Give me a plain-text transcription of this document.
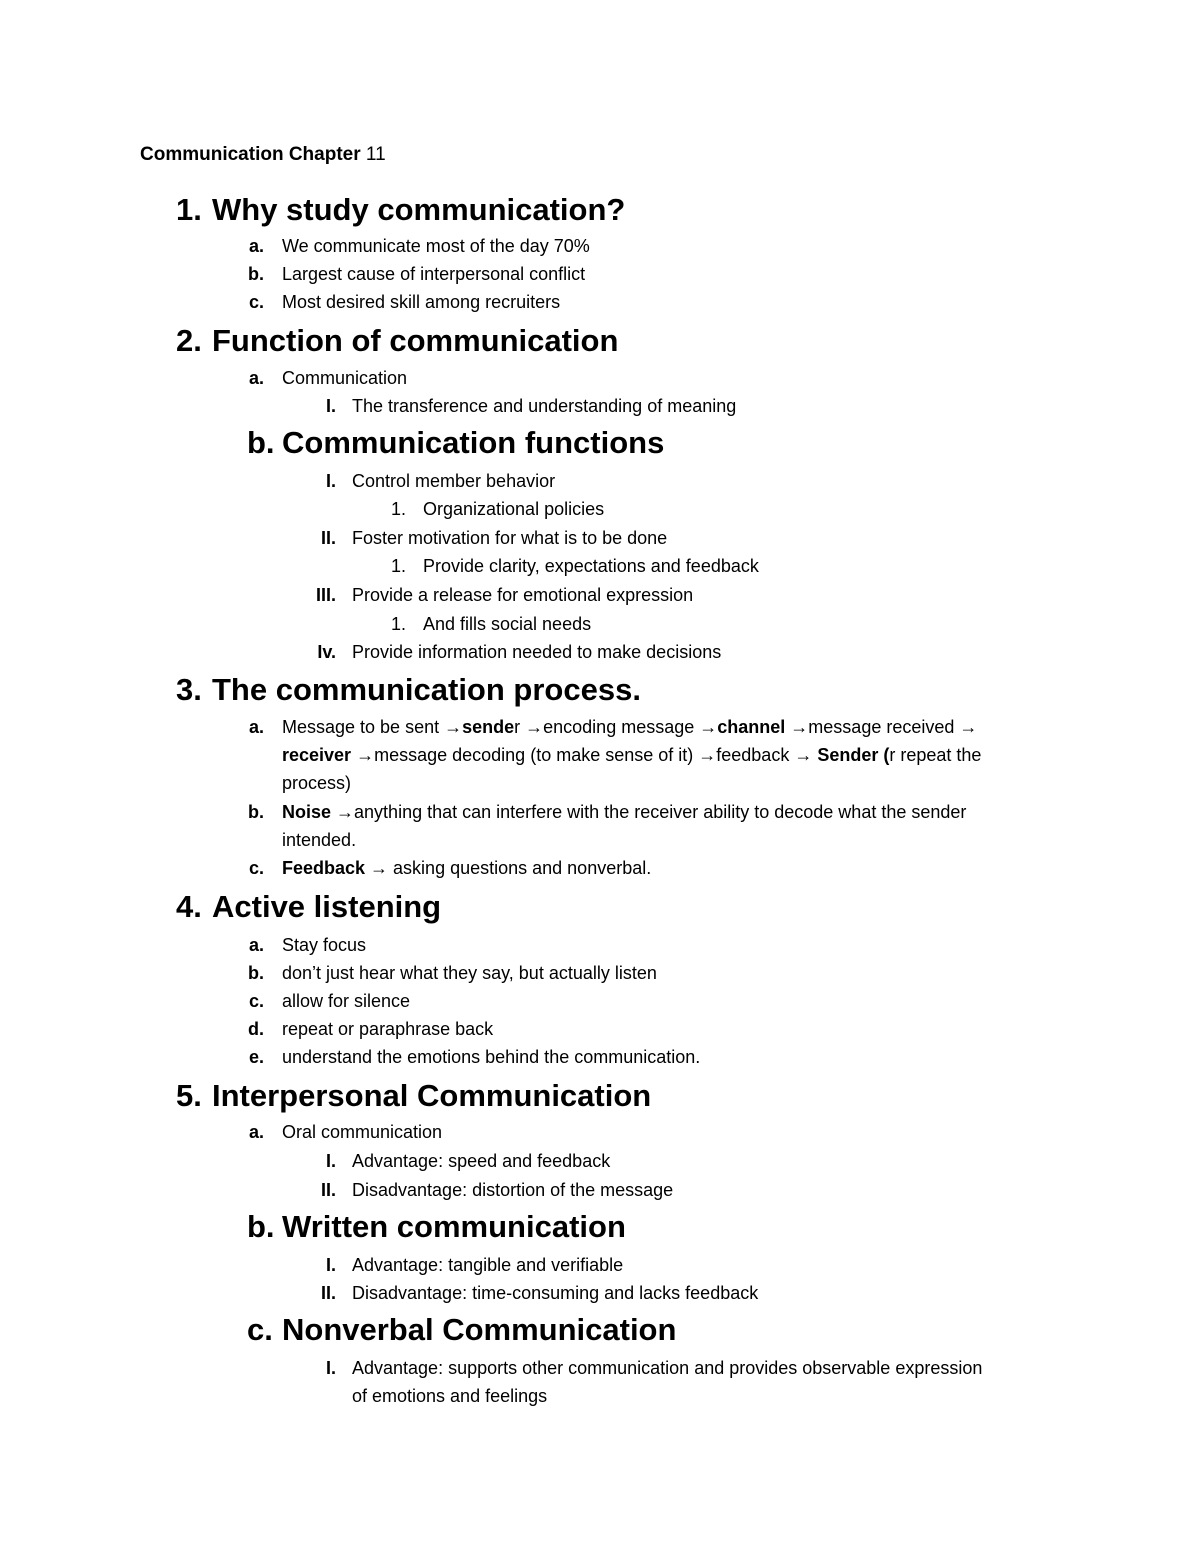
Communication Chapter 11
1. Why study communication?
a. We communicate most of the day 70%
b. Largest cause of interpersonal conflict
c. Most desired skill among recruiters
2. Function of communication
a. Communication
I. The transference and understanding of meaning
b. Communication functions
I. Control member behavior
1. Organizational policies
II. Foster motivation for what is to be done
1. Provide clarity, expectations and feedback
III. Provide a release for emotional expression
1. And fills social needs
Iv. Provide information needed to make decisions
3. The communication process.
a. Message to be sent →sender →encoding message →channel →message received →
receiver →message decoding (to make sense of it) →feedback → Sender (r repeat the
process)
b. Noise →anything that can interfere with the receiver ability to decode what the sender
intended.
c. Feedback → asking questions and nonverbal.
4. Active listening
a. Stay focus
b. don’t just hear what they say, but actually listen
c. allow for silence
d. repeat or paraphrase back
e. understand the emotions behind the communication.
5. Interpersonal Communication
a. Oral communication
I. Advantage: speed and feedback
II. Disadvantage: distortion of the message
b. Written communication
I. Advantage: tangible and verifiable
II. Disadvantage: time-consuming and lacks feedback
c. Nonverbal Communication
I. Advantage: supports other communication and provides observable expression
of emotions and feelings
